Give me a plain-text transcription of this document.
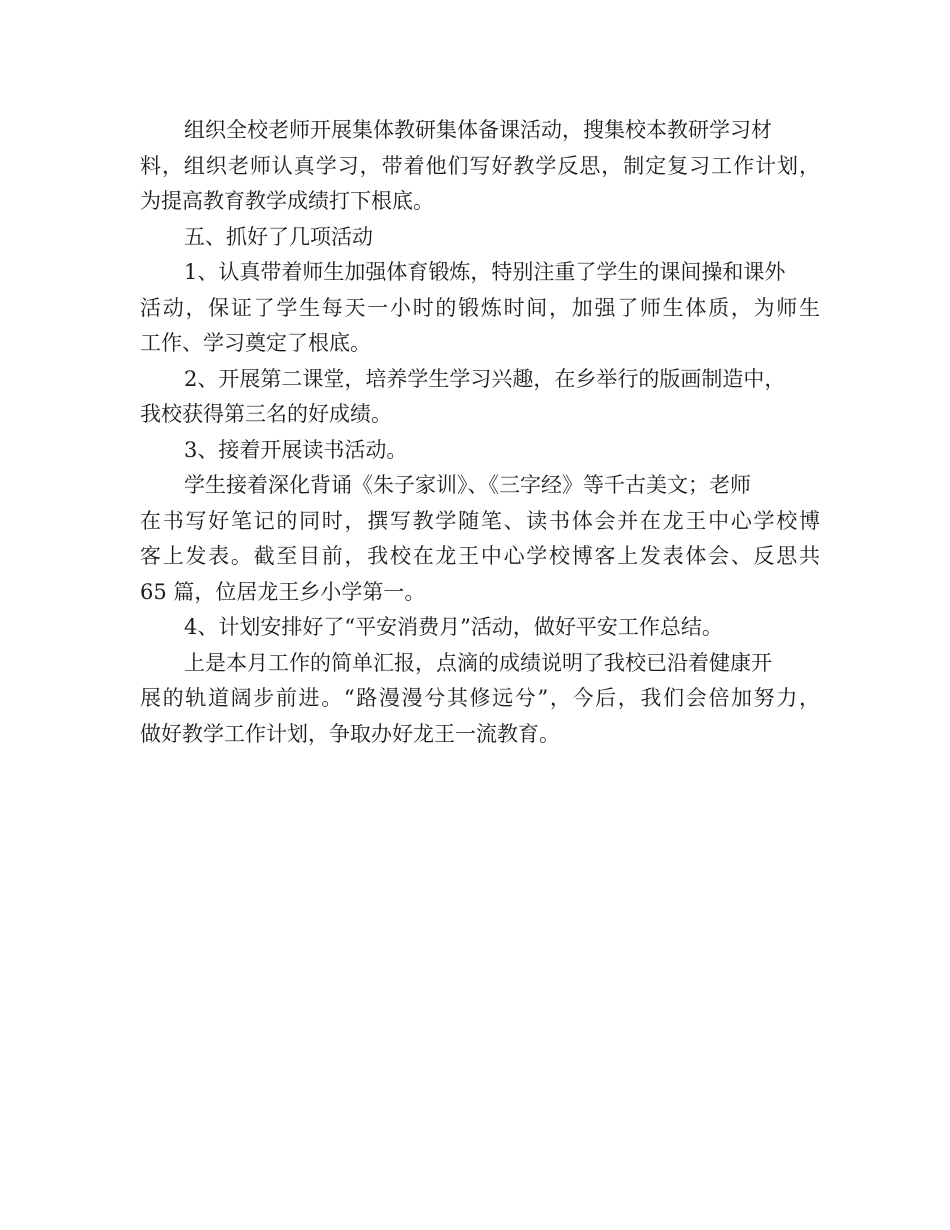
组织全校老师开展集体教研集体备课活动，搜集校本教研学习材
料，组织老师认真学习，带着他们写好教学反思，制定复习工作计划，
为提高教育教学成绩打下根底。
五、抓好了几项活动
1、认真带着师生加强体育锻炼，特别注重了学生的课间操和课外
活动，保证了学生每天一小时的锻炼时间，加强了师生体质，为师生
工作、学习奠定了根底。
2、开展第二课堂，培养学生学习兴趣，在乡举行的版画制造中，
我校获得第三名的好成绩。
3、接着开展读书活动。
学生接着深化背诵《朱子家训》、《三字经》等千古美文；老师
在书写好笔记的同时，撰写教学随笔、读书体会并在龙王中心学校博
客上发表。截至目前，我校在龙王中心学校博客上发表体会、反思共
65 篇，位居龙王乡小学第一。
4、计划安排好了“平安消费月”活动，做好平安工作总结。
上是本月工作的简单汇报，点滴的成绩说明了我校已沿着健康开
展的轨道阔步前进。“路漫漫兮其修远兮”，今后，我们会倍加努力，
做好教学工作计划，争取办好龙王一流教育。
